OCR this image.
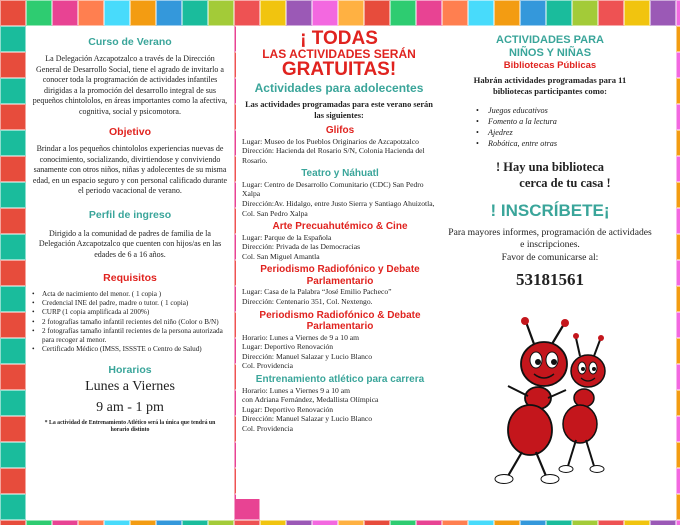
Curso de Verano
La Delegación Azcapotzalco a través de la Dirección General de Desarrollo Social, tiene el agrado de invitarlo a conocer toda la programación de actividades infantiles dirigidas a la promoción del desarrollo integral de sus pequeños chintololos, en áreas importantes como la afectiva, cognitiva, social y psicomotora.
Objetivo
Brindar a los pequeños chintololos experiencias nuevas de conocimiento, socializando, divirtiendose y conviviendo sanamente con otros niños, niñas y adolecentes de su misma edad, en un espacio seguro y con personal calificado durante el periodo vacacional de verano.
Perfil de ingreso
Dirigido a la comunidad de padres de familia de la Delegación Azcapotzalco que cuenten con hijos/as en las edades de 6 a 16 años.
Requisitos
• Acta de nacimiento del menor. ( 1 copia )
• Credencial INE del padre, madre o tutor. ( 1 copia)
• CURP (1 copia amplificada al 200%)
• 2 fotografías tamaño infantil recientes del niño (Color o B/N)
• 2 fotografías tamaño infantil recientes de la persona autorizada para recoger al menor.
• Certificado Médico (IMSS, ISSSTE o Centro de Salud)
Horarios
Lunes a Viernes
9 am - 1 pm
* La actividad de Entrenamiento Atlético será la única que tendrá un horario distinto
¡ TODAS
LAS ACTIVIDADES SERÁN
GRATUITAS!
Actividades para adolecentes
Las actividades programadas para este verano serán las siguientes:
Glifos
Lugar: Museo de los Pueblos Originarios de Azcapotzalco
Dirección: Hacienda del Rosario S/N, Colonia Hacienda del Rosario.
Teatro y Náhuatl
Lugar: Centro de Desarrollo Comunitario (CDC) San Pedro Xalpa
Dirección:Av. Hidalgo, entre Justo Sierra y Santiago Ahuizotla, Col. San Pedro Xalpa
Arte Precuahutémico & Cine
Lugar: Parque de la Española
Dirección: Privada de las Democracias
Col. San Miguel Amantla
Periodismo Radiofónico y Debate Parlamentario
Lugar: Casa de la Palabra “José Emilio Pacheco”
Dirección: Centenario 351, Col. Nextengo.
Periodismo Radiofónico & Debate Parlamentario
Horario: Lunes a Viernes de 9 a 10 am
Lugar: Deportivo Renovación
Dirección: Manuel Salazar y Lucio Blanco
Col. Providencia
Entrenamiento atlético para carrera
Horario: Lunes a Viernes 9 a 10 am
con Adriana Fernández, Medallista Olímpica
Lugar: Deportivo Renovación
Dirección: Manuel Salazar y Lucio Blanco
Col. Providencia
ACTIVIDADES PARA
NIÑOS Y NIÑAS
Bibliotecas Públicas
Habrán actividades programadas para 11 bibliotecas participantes como:
• Juegos educativos
• Fomento a la lectura
• Ajedrez
• Robótica, entre otras
! Hay una biblioteca
cerca de tu casa !
! INSCRÍBETE¡
Para mayores informes, programación de actividades e inscripciones.
Favor de comunicarse al:
53181561
